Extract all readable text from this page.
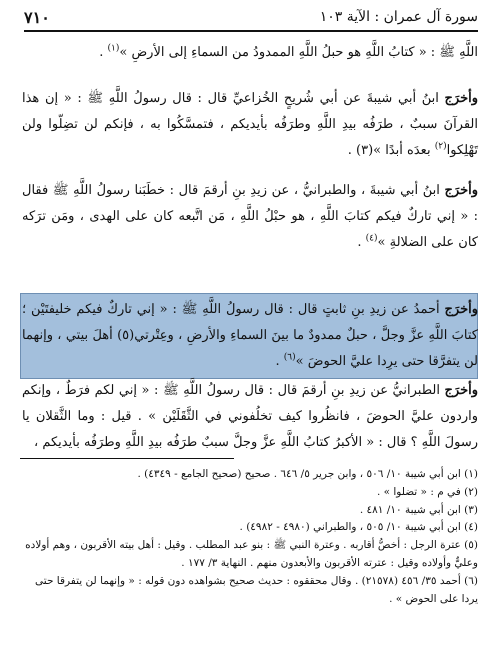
سورة آل عمران : الآية ١٠٣
٧١٠
اللَّهِ ﷺ : « كتابُ اللَّهِ هو حبلُ اللَّهِ الممدودُ من السماءِ إلى الأرضِ »$^{(١)}$ .
وأخرَج ابنُ أبي شيبةَ عن أبي شُريحٍ الخُزاعيِّ قال : قال رسولُ اللَّهِ ﷺ : « إن هذا القرآنَ سببٌ ، طرَفُه بيدِ اللَّهِ وطرَفُه بأيديكم ، فتمسَّكُوا به ، فإنكم لن تضِلّوا ولن تَهْلِكوا$^{(٢)}$ بعدَه أبدًا »(٣) .
وأخرَج ابنُ أبي شيبةَ ، والطبرانيُّ ، عن زيدِ بنِ أرقمَ قال : خطَبَنا رسولُ اللَّهِ ﷺ فقال : « إني تاركٌ فيكم كتابَ اللَّهِ ، هو حبْلُ اللَّهِ ، مَن اتَّبعه كان على الهدى ، ومَن ترَكه كان على الضلالةِ »$^{(٤)}$ .
وأخرَج أحمدُ عن زيدِ بنِ ثابتٍ قال : قال رسولُ اللَّهِ ﷺ : « إني تاركٌ فيكم خليفتَيْن ؛ كتابَ اللَّهِ عزَّ وجلَّ ، حبلٌ ممدودٌ ما بينَ السماءِ والأرضِ ، وعِتْرتي(٥) أهلَ بيتي ، وإنهما لن يتفرَّقا حتى يرِدا عليَّ الحوضَ »$^{(٦)}$ .
وأخرَج الطبرانيُّ عن زيدِ بنِ أرقمَ قال : قال رسولُ اللَّهِ ﷺ : « إني لكم فرَطٌ ، وإنكم واردون عليَّ الحوضَ ، فانظُروا كيف تخلُفوني في الثَّقَلَيْن » . قيل : وما الثَّقلان يا رسولَ اللَّهِ ؟ قال : « الأكبرُ كتابُ اللَّهِ عزَّ وجلَّ سببٌ طرَفُه بيدِ اللَّهِ وطرَفُه بأيديكم ،
(١) ابن أبي شيبة ١٠/ ٥٠٦ ، وابن جرير ٥/ ٦٤٦ . صحيح (صحيح الجامع - ٤٣٤٩) .
(٢) في م : « تضلوا » .
(٣) ابن أبي شيبة ١٠/ ٤٨١ .
(٤) ابن أبي شيبة ١٠/ ٥٠٥ ، والطبراني (٤٩٨٠ - ٤٩٨٢) .
(٥) عترة الرجل : أخصُّ أقاربه . وعترة النبي ﷺ : بنو عبد المطلب . وقيل : أهل بيته الأقربون ، وهم أولاده وعليٌّ وأولاده وقيل : عترته الأقربون والأبعدون منهم . النهاية ٣/ ١٧٧ .
(٦) أحمد ٣٥/ ٤٥٦ (٢١٥٧٨) . وقال محققوه : حديث صحيح بشواهده دون قوله : « وإنهما لن يتفرقا حتى يردا على الحوض » .
